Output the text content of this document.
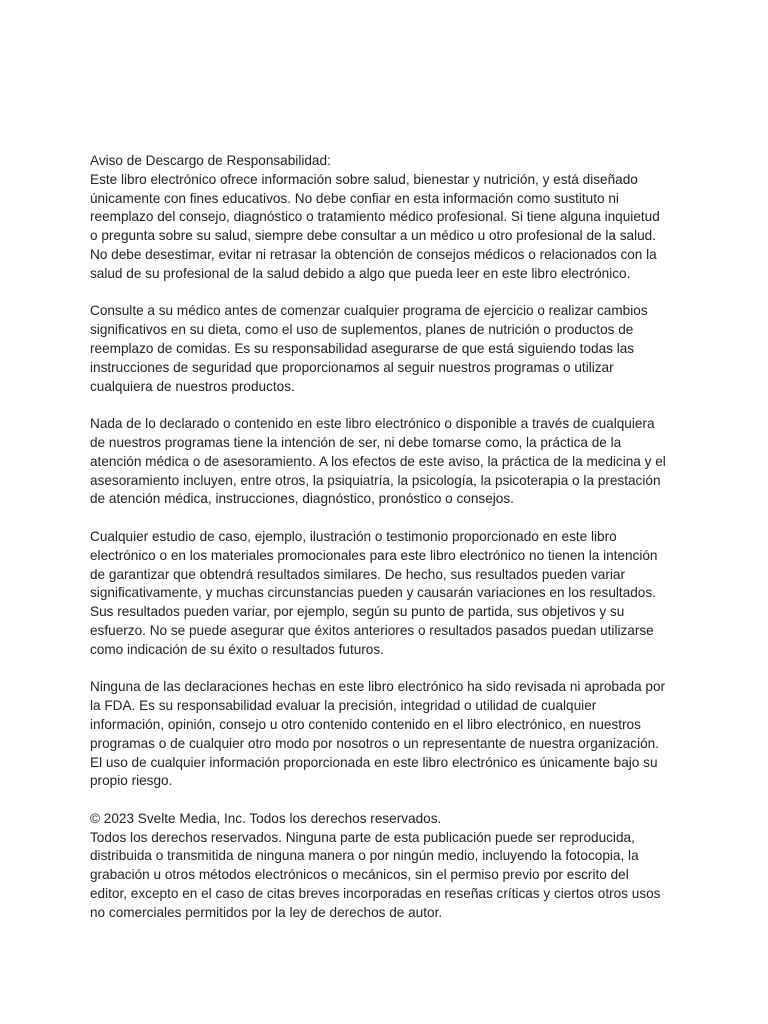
Aviso de Descargo de Responsabilidad:
Este libro electrónico ofrece información sobre salud, bienestar y nutrición, y está diseñado
únicamente con fines educativos. No debe confiar en esta información como sustituto ni
reemplazo del consejo, diagnóstico o tratamiento médico profesional. Si tiene alguna inquietud
o pregunta sobre su salud, siempre debe consultar a un médico u otro profesional de la salud.
No debe desestimar, evitar ni retrasar la obtención de consejos médicos o relacionados con la
salud de su profesional de la salud debido a algo que pueda leer en este libro electrónico.
Consulte a su médico antes de comenzar cualquier programa de ejercicio o realizar cambios
significativos en su dieta, como el uso de suplementos, planes de nutrición o productos de
reemplazo de comidas. Es su responsabilidad asegurarse de que está siguiendo todas las
instrucciones de seguridad que proporcionamos al seguir nuestros programas o utilizar
cualquiera de nuestros productos.
Nada de lo declarado o contenido en este libro electrónico o disponible a través de cualquiera
de nuestros programas tiene la intención de ser, ni debe tomarse como, la práctica de la
atención médica o de asesoramiento. A los efectos de este aviso, la práctica de la medicina y el
asesoramiento incluyen, entre otros, la psiquiatría, la psicología, la psicoterapia o la prestación
de atención médica, instrucciones, diagnóstico, pronóstico o consejos.
Cualquier estudio de caso, ejemplo, ilustración o testimonio proporcionado en este libro
electrónico o en los materiales promocionales para este libro electrónico no tienen la intención
de garantizar que obtendrá resultados similares. De hecho, sus resultados pueden variar
significativamente, y muchas circunstancias pueden y causarán variaciones en los resultados.
Sus resultados pueden variar, por ejemplo, según su punto de partida, sus objetivos y su
esfuerzo. No se puede asegurar que éxitos anteriores o resultados pasados puedan utilizarse
como indicación de su éxito o resultados futuros.
Ninguna de las declaraciones hechas en este libro electrónico ha sido revisada ni aprobada por
la FDA. Es su responsabilidad evaluar la precisión, integridad o utilidad de cualquier
información, opinión, consejo u otro contenido contenido en el libro electrónico, en nuestros
programas o de cualquier otro modo por nosotros o un representante de nuestra organización.
El uso de cualquier información proporcionada en este libro electrónico es únicamente bajo su
propio riesgo.
© 2023 Svelte Media, Inc. Todos los derechos reservados.
Todos los derechos reservados. Ninguna parte de esta publicación puede ser reproducida,
distribuida o transmitida de ninguna manera o por ningún medio, incluyendo la fotocopia, la
grabación u otros métodos electrónicos o mecánicos, sin el permiso previo por escrito del
editor, excepto en el caso de citas breves incorporadas en reseñas críticas y ciertos otros usos
no comerciales permitidos por la ley de derechos de autor.
